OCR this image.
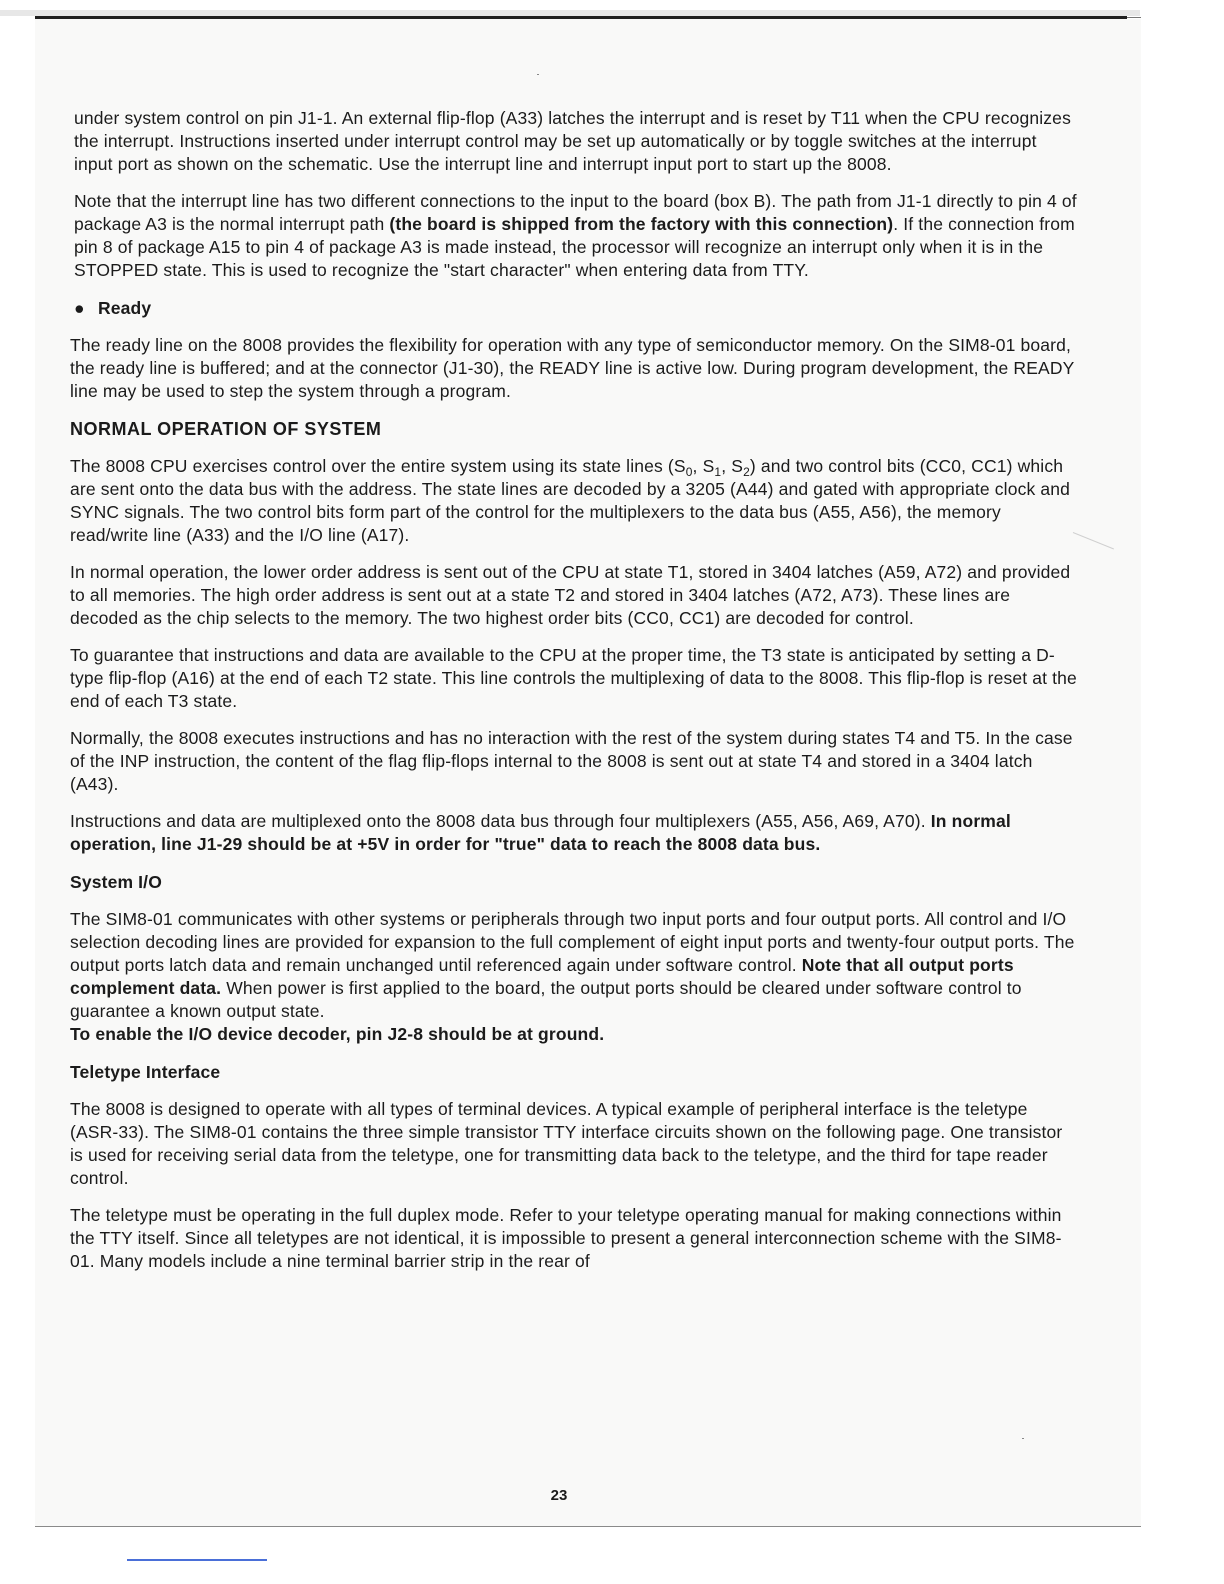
under system control on pin J1-1. An external flip-flop (A33) latches the interrupt and is reset by T11 when the CPU recognizes the interrupt. Instructions inserted under interrupt control may be set up automatically or by toggle switches at the interrupt input port as shown on the schematic. Use the interrupt line and interrupt input port to start up the 8008.

Note that the interrupt line has two different connections to the input to the board (box B). The path from J1-1 directly to pin 4 of package A3 is the normal interrupt path (the board is shipped from the factory with this connection). If the connection from pin 8 of package A15 to pin 4 of package A3 is made instead, the processor will recognize an interrupt only when it is in the STOPPED state. This is used to recognize the "start character" when entering data from TTY.

● Ready

The ready line on the 8008 provides the flexibility for operation with any type of semiconductor memory. On the SIM8-01 board, the ready line is buffered; and at the connector (J1-30), the READY line is active low. During program development, the READY line may be used to step the system through a program.

NORMAL OPERATION OF SYSTEM

The 8008 CPU exercises control over the entire system using its state lines ($S_0$, $S_1$, $S_2$) and two control bits (CC0, CC1) which are sent onto the data bus with the address. The state lines are decoded by a 3205 (A44) and gated with appropriate clock and SYNC signals. The two control bits form part of the control for the multiplexers to the data bus (A55, A56), the memory read/write line (A33) and the I/O line (A17).

In normal operation, the lower order address is sent out of the CPU at state T1, stored in 3404 latches (A59, A72) and provided to all memories. The high order address is sent out at a state T2 and stored in 3404 latches (A72, A73). These lines are decoded as the chip selects to the memory. The two highest order bits (CC0, CC1) are decoded for control.

To guarantee that instructions and data are available to the CPU at the proper time, the T3 state is anticipated by setting a D-type flip-flop (A16) at the end of each T2 state. This line controls the multiplexing of data to the 8008. This flip-flop is reset at the end of each T3 state.

Normally, the 8008 executes instructions and has no interaction with the rest of the system during states T4 and T5. In the case of the INP instruction, the content of the flag flip-flops internal to the 8008 is sent out at state T4 and stored in a 3404 latch (A43).

Instructions and data are multiplexed onto the 8008 data bus through four multiplexers (A55, A56, A69, A70). In normal operation, line J1-29 should be at +5V in order for "true" data to reach the 8008 data bus.

System I/O

The SIM8-01 communicates with other systems or peripherals through two input ports and four output ports. All control and I/O selection decoding lines are provided for expansion to the full complement of eight input ports and twenty-four output ports. The output ports latch data and remain unchanged until referenced again under software control. Note that all output ports complement data. When power is first applied to the board, the output ports should be cleared under software control to guarantee a known output state.
To enable the I/O device decoder, pin J2-8 should be at ground.

Teletype Interface

The 8008 is designed to operate with all types of terminal devices. A typical example of peripheral interface is the teletype (ASR-33). The SIM8-01 contains the three simple transistor TTY interface circuits shown on the following page. One transistor is used for receiving serial data from the teletype, one for transmitting data back to the teletype, and the third for tape reader control.

The teletype must be operating in the full duplex mode. Refer to your teletype operating manual for making connections within the TTY itself. Since all teletypes are not identical, it is impossible to present a general interconnection scheme with the SIM8-01. Many models include a nine terminal barrier strip in the rear of

23
